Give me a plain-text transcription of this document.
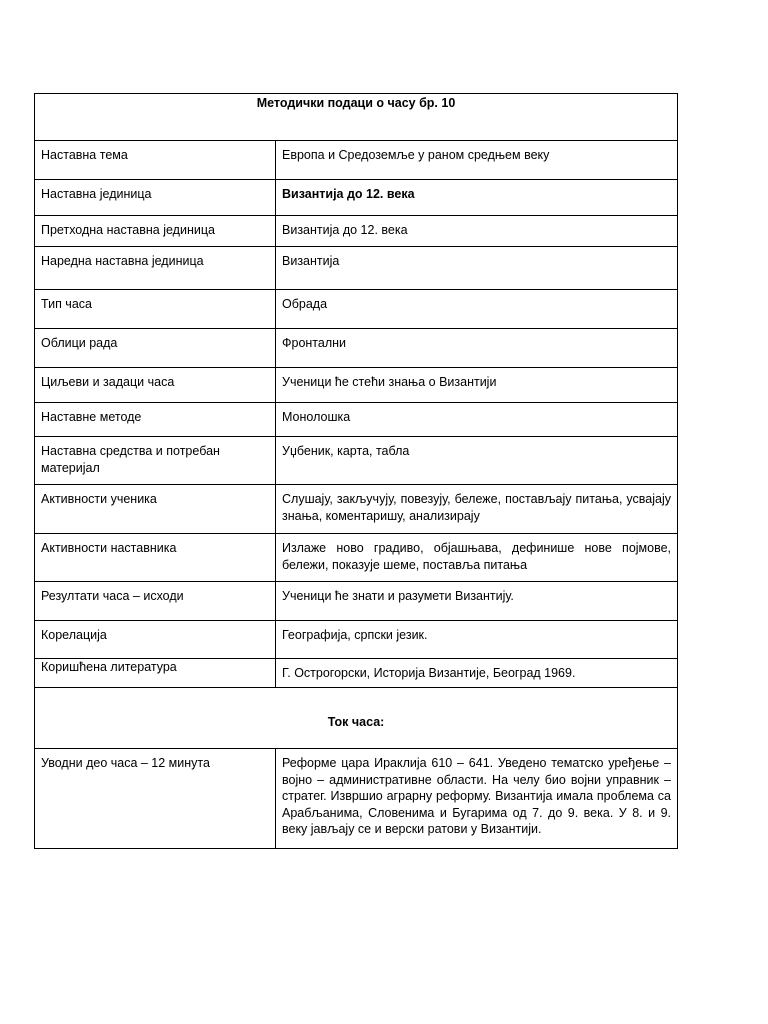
Методички подаци о часу бр. 10	
Наставна тема	Европа и Средоземље у раном средњем веку
Наставна јединица	Византија до 12. века
Претходна наставна јединица	Византија до 12. века
Наредна наставна јединица	Византија
Тип часа	Обрада
Облици рада	Фронтални
Циљеви и задаци часа	Ученици ће стећи знања о Византији
Наставне методе	Монолошка
Наставна средства и потребан материјал	Уџбеник, карта, табла
Активности ученика	Слушају, закључују, повезују, бележе, постављају питања, усвајају знања, коментаришу, анализирају
Активности наставника	Излаже ново градиво, објашњава, дефинише нове појмове, бележи, показује шеме, поставља питања
Резултати часа – исходи	Ученици ће знати и разумети Византију.
Корелација	Географија, српски језик.
Коришћена литература	Г. Острогорски, Историја Византије, Београд 1969.
Ток часа:	
Уводни део часа – 12 минута	Реформе цара Ираклија 610 – 641. Уведено тематско уређење – војно – административне области. На челу био војни управник – стратег. Извршио аграрну реформу. Византија имала проблема са Арабљанима, Словенима и Бугарима од 7. до 9. века. У 8. и 9. веку јављају се и верски ратови у Византији.
